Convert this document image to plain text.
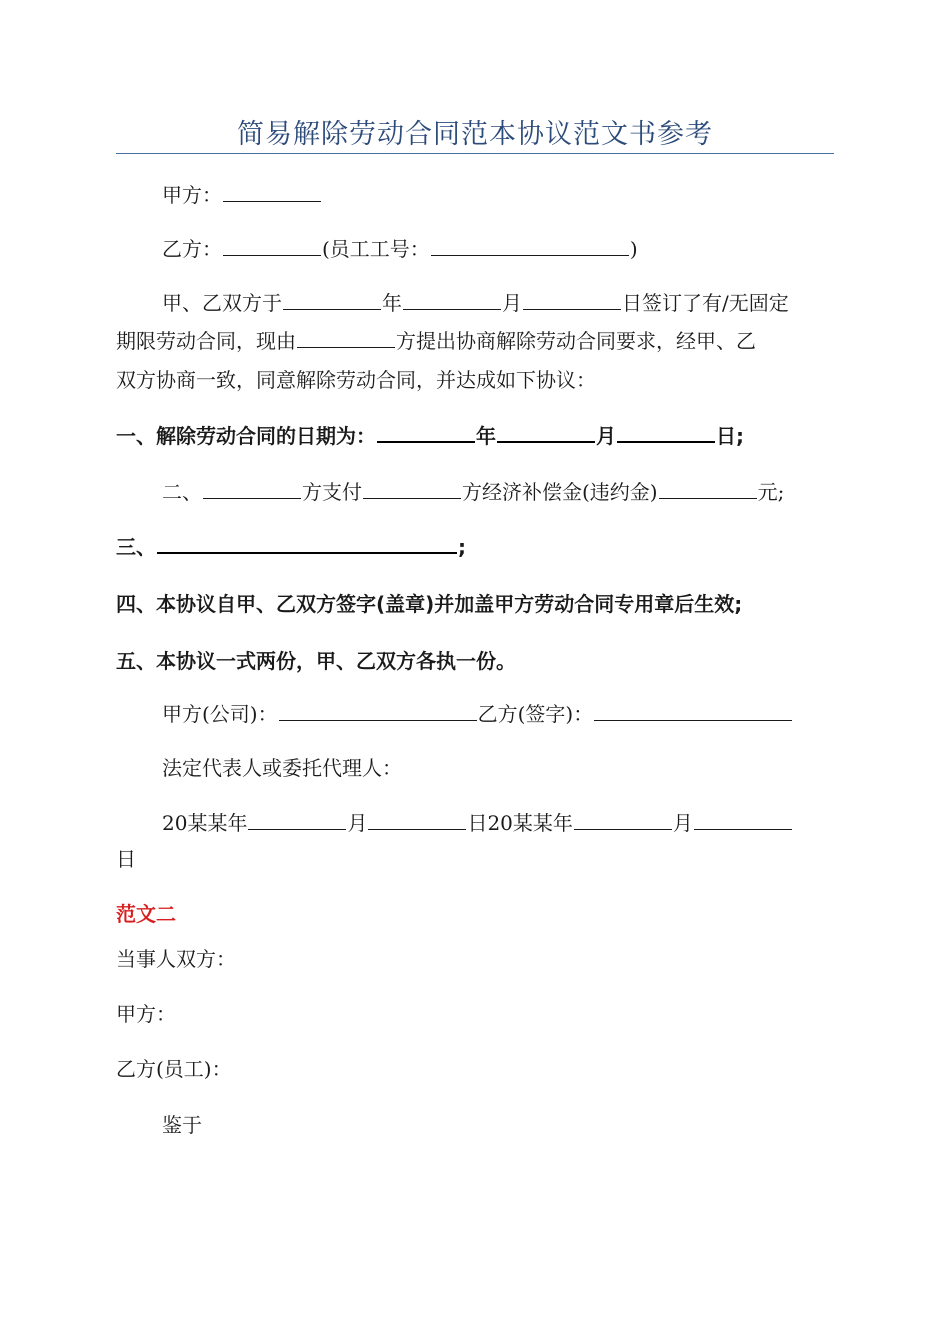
简易解除劳动合同范本协议范文书参考
甲方：
乙方：	(员工工号：	)
甲、乙双方于	年	月	日签订了有/无固定
期限劳动合同，现由	方提出协商解除劳动合同要求，经甲、乙
双方协商一致，同意解除劳动合同，并达成如下协议：
一、解除劳动合同的日期为：	年	月	日;
二、	方支付	方经济补偿金(违约金)	元;
三、	;
四、本协议自甲、乙双方签字(盖章)并加盖甲方劳动合同专用章后生效;
五、本协议一式两份，甲、乙双方各执一份。
甲方(公司)：	乙方(签字)：
法定代表人或委托代理人：
20某某年	月	日20某某年	月
日
范文二
当事人双方：
甲方：
乙方(员工)：
鉴于
